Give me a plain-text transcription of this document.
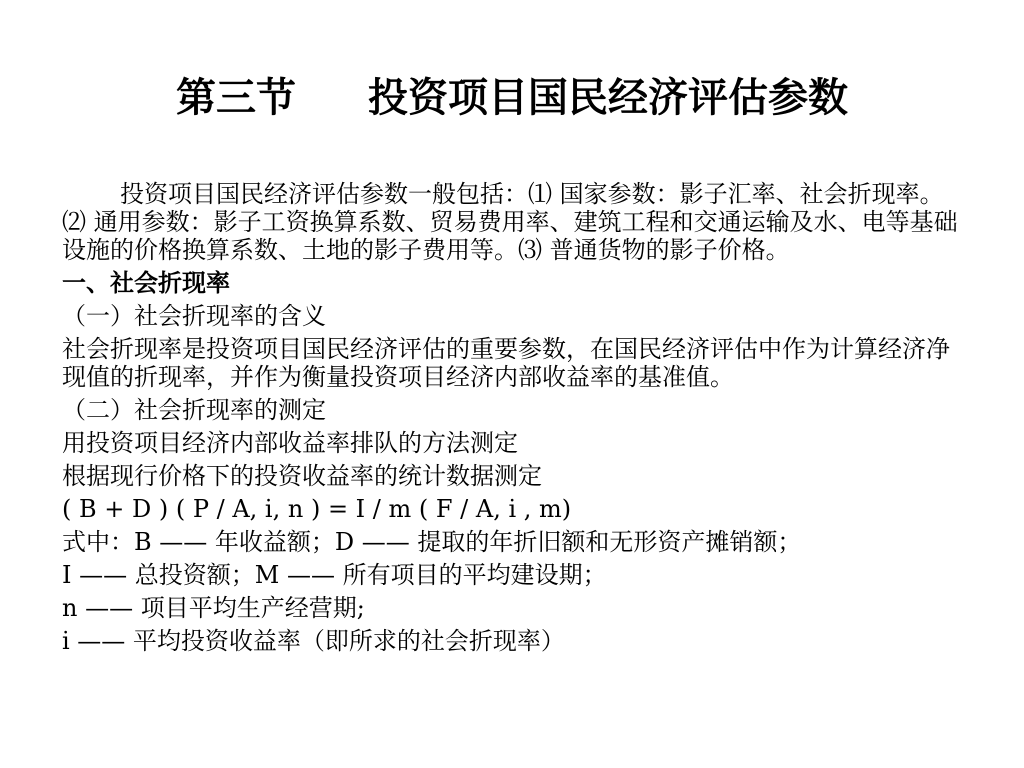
第三节 投资项目国民经济评估参数

投资项目国民经济评估参数一般包括：⑴ 国家参数：影子汇率、社会折现率。⑵ 通用参数：影子工资换算系数、贸易费用率、建筑工程和交通运输及水、电等基础设施的价格换算系数、土地的影子费用等。⑶ 普通货物的影子价格。

一、社会折现率
（一）社会折现率的含义

社会折现率是投资项目国民经济评估的重要参数，在国民经济评估中作为计算经济净现值的折现率，并作为衡量投资项目经济内部收益率的基准值。

（二）社会折现率的测定
用投资项目经济内部收益率排队的方法测定
根据现行价格下的投资收益率的统计数据测定
( B + D ) ( P / A, i, n ) = I / m ( F / A, i , m)
式中：B —— 年收益额；D —— 提取的年折旧额和无形资产摊销额；
I —— 总投资额；M —— 所有项目的平均建设期；
n —— 项目平均生产经营期;
i —— 平均投资收益率（即所求的社会折现率）
